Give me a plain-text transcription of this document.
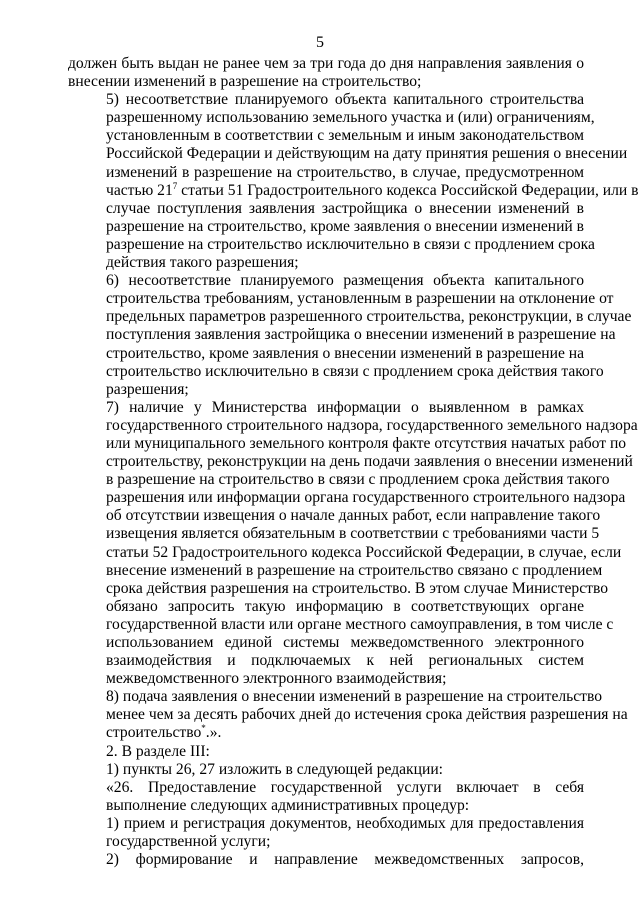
5

должен быть выдан не ранее чем за три года до дня направления заявления о
внесении изменений в разрешение на строительство;

5) несоответствие планируемого объекта капитального строительства
разрешенному использованию земельного участка и (или) ограничениям,
установленным в соответствии с земельным и иным законодательством
Российской Федерации и действующим на дату принятия решения о внесении
изменений в разрешение на строительство, в случае, предусмотренном
частью $21^7$ статьи 51 Градостроительного кодекса Российской Федерации, или в
случае поступления заявления застройщика о внесении изменений в
разрешение на строительство, кроме заявления о внесении изменений в
разрешение на строительство исключительно в связи с продлением срока
действия такого разрешения;

6) несоответствие планируемого размещения объекта капитального
строительства требованиям, установленным в разрешении на отклонение от
предельных параметров разрешенного строительства, реконструкции, в случае
поступления заявления застройщика о внесении изменений в разрешение на
строительство, кроме заявления о внесении изменений в разрешение на
строительство исключительно в связи с продлением срока действия такого
разрешения;

7) наличие у Министерства информации о выявленном в рамках
государственного строительного надзора, государственного земельного надзора
или муниципального земельного контроля факте отсутствия начатых работ по
строительству, реконструкции на день подачи заявления о внесении изменений
в разрешение на строительство в связи с продлением срока действия такого
разрешения или информации органа государственного строительного надзора
об отсутствии извещения о начале данных работ, если направление такого
извещения является обязательным в соответствии с требованиями части 5
статьи 52 Градостроительного кодекса Российской Федерации, в случае, если
внесение изменений в разрешение на строительство связано с продлением
срока действия разрешения на строительство. В этом случае Министерство
обязано запросить такую информацию в соответствующих органе
государственной власти или органе местного самоуправления, в том числе с
использованием единой системы межведомственного электронного
взаимодействия и подключаемых к ней региональных систем
межведомственного электронного взаимодействия;

8) подача заявления о внесении изменений в разрешение на строительство
менее чем за десять рабочих дней до истечения срока действия разрешения на
строительство*.».

2. В разделе III:

1) пункты 26, 27 изложить в следующей редакции:

«26. Предоставление государственной услуги включает в себя
выполнение следующих административных процедур:

1) прием и регистрация документов, необходимых для предоставления
государственной услуги;

2) формирование и направление межведомственных запросов,
